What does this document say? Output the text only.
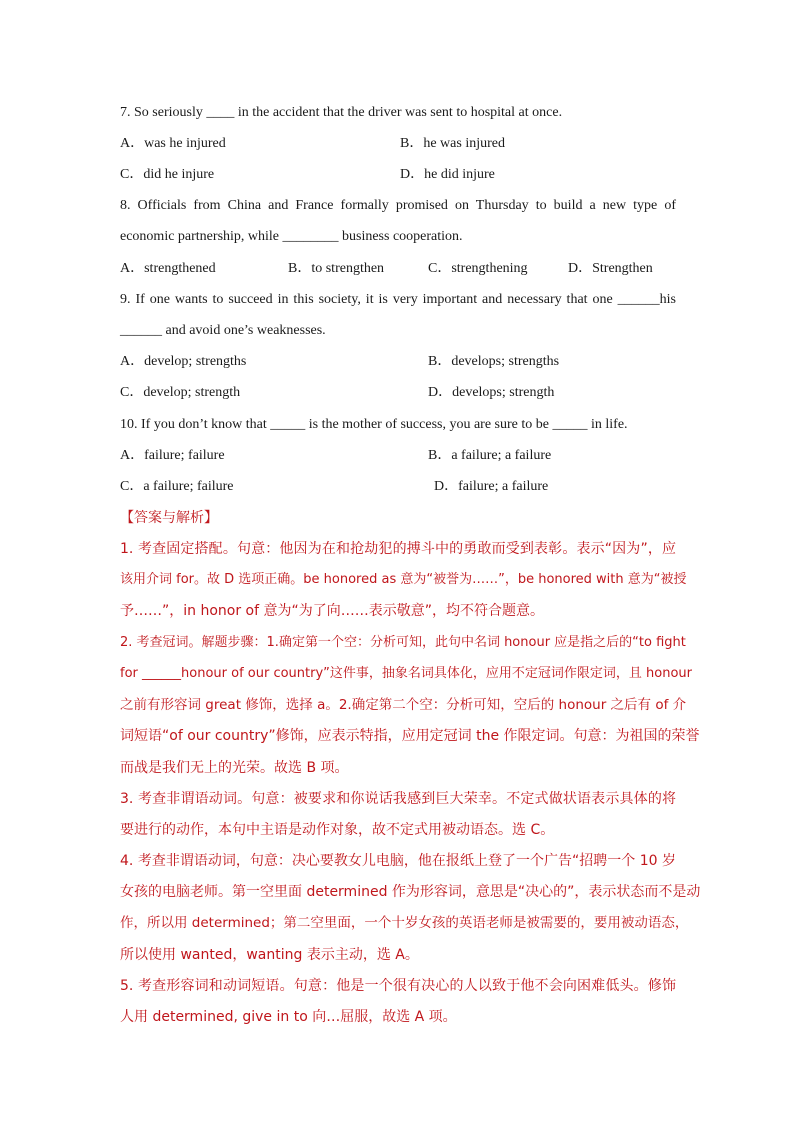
7. So seriously ____ in the accident that the driver was sent to hospital at once.
A．was he injured	B．he was injured
C．did he injure	D．he did injure
8. Officials from China and France formally promised on Thursday to build a new type of
economic partnership, while ________ business cooperation.
A．strengthened	B．to strengthen	C．strengthening	D．Strengthen
9. If one wants to succeed in this society, it is very important and necessary that one ______his
______ and avoid one’s weaknesses.
A．develop; strengths	B．develops; strengths
C．develop; strength	D．develops; strength
10. If you don’t know that _____ is the mother of success, you are sure to be _____ in life.
A．failure; failure	B．a failure; a failure
C．a failure; failure	D．failure; a failure
【答案与解析】
1. 考查固定搭配。句意：他因为在和抢劫犯的搏斗中的勇敢而受到表彰。表示“因为”，应
该用介词 for。故 D 选项正确。be honored as 意为“被誉为……”，be honored with 意为“被授
予……”，in honor of 意为“为了向……表示敬意”，均不符合题意。
2. 考查冠词。解题步骤：1.确定第一个空：分析可知，此句中名词 honour 应是指之后的“to fight
for ______honour of our country”这件事，抽象名词具体化，应用不定冠词作限定词，且 honour
之前有形容词 great 修饰，选择 a。2.确定第二个空：分析可知，空后的 honour 之后有 of 介
词短语“of our country”修饰，应表示特指，应用定冠词 the 作限定词。句意：为祖国的荣誉
而战是我们无上的光荣。故选 B 项。
3. 考查非谓语动词。句意：被要求和你说话我感到巨大荣幸。不定式做状语表示具体的将
要进行的动作，本句中主语是动作对象，故不定式用被动语态。选 C。
4. 考查非谓语动词，句意：决心要教女儿电脑，他在报纸上登了一个广告“招聘一个 10 岁
女孩的电脑老师。第一空里面 determined 作为形容词，意思是“决心的”，表示状态而不是动
作，所以用 determined；第二空里面，一个十岁女孩的英语老师是被需要的，要用被动语态，
所以使用 wanted，wanting 表示主动，选 A。
5. 考查形容词和动词短语。句意：他是一个很有决心的人以致于他不会向困难低头。修饰
人用 determined, give in to 向…屈服，故选 A 项。
